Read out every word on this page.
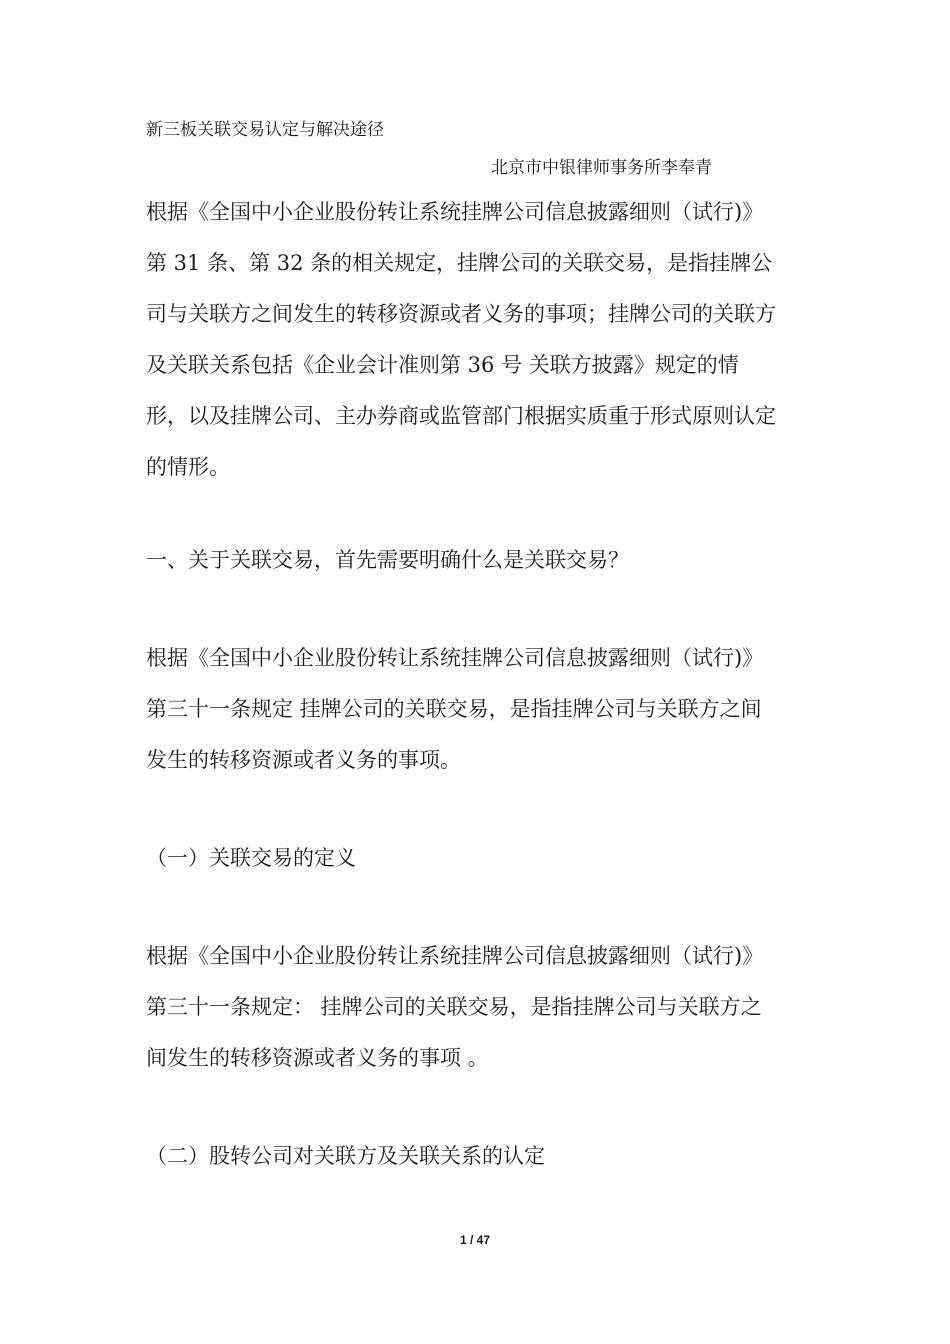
新三板关联交易认定与解决途径
北京市中银律师事务所李奉青

根据《全国中小企业股份转让系统挂牌公司信息披露细则（试行)》
第 31 条、第 32 条的相关规定，挂牌公司的关联交易，是指挂牌公
司与关联方之间发生的转移资源或者义务的事项；挂牌公司的关联方
及关联关系包括《企业会计准则第 36 号 关联方披露》规定的情
形，以及挂牌公司、主办券商或监管部门根据实质重于形式原则认定
的情形。

一、关于关联交易，首先需要明确什么是关联交易？

根据《全国中小企业股份转让系统挂牌公司信息披露细则（试行)》
第三十一条规定 挂牌公司的关联交易，是指挂牌公司与关联方之间
发生的转移资源或者义务的事项。

（一）关联交易的定义

根据《全国中小企业股份转让系统挂牌公司信息披露细则（试行)》
第三十一条规定： 挂牌公司的关联交易，是指挂牌公司与关联方之
间发生的转移资源或者义务的事项 。

（二）股转公司对关联方及关联关系的认定
1 / 47
